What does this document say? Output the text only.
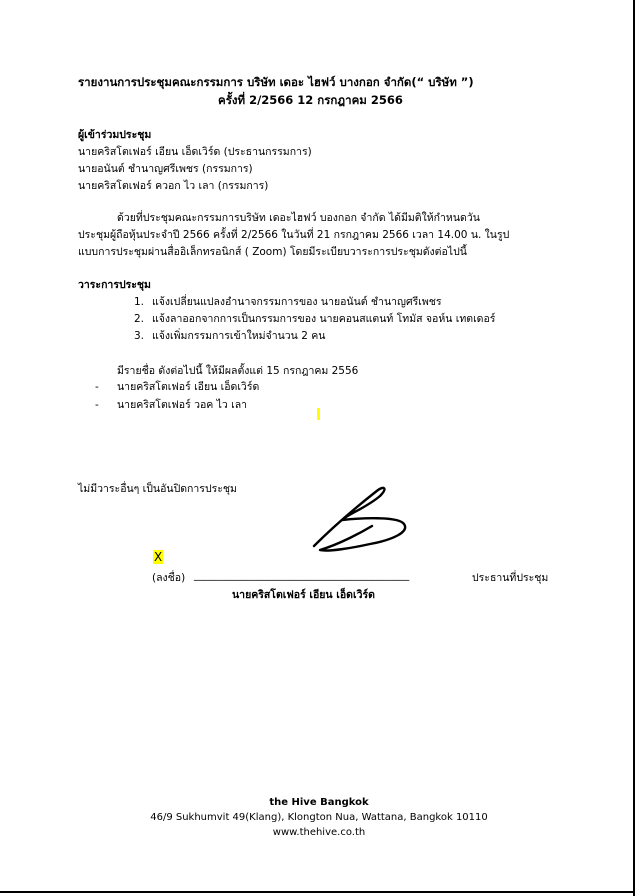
รายงานการประชุมคณะกรรมการ บริษัท เดอะ ไฮฟว์ บางกอก จำกัด(“ บริษัท ”)
ครั้งที่ 2/2566 12 กรกฎาคม 2566
ผู้เข้าร่วมประชุม
นายคริสโตเฟอร์ เอียน เอ็ดเวิร์ด (ประธานกรรมการ)
นายอนันต์ ชำนาญศรีเพชร (กรรมการ)
นายคริสโตเฟอร์ ควอก ไว เลา (กรรมการ)
ด้วยที่ประชุมคณะกรรมการบริษัท เดอะไฮฟว์ บองกอก จำกัด ได้มีมติให้กำหนดวัน
ประชุมผู้ถือหุ้นประจำปี 2566 ครั้งที่ 2/2566 ในวันที่ 21 กรกฎาคม 2566 เวลา 14.00 น. ในรูป
แบบการประชุมผ่านสื่ออิเล็กทรอนิกส์ ( Zoom) โดยมีระเบียบวาระการประชุมดังต่อไปนี้
วาระการประชุม
1. แจ้งเปลี่ยนแปลงอำนาจกรรมการของ นายอนันต์ ชำนาญศรีเพชร
2. แจ้งลาออกจากการเป็นกรรมการของ นายคอนสแตนท์ โทมัส จอห์น เทตเดอร์
3. แจ้งเพิ่มกรรมการเข้าใหม่จำนวน 2 คน
มีรายชื่อ ดังต่อไปนี้ ให้มีผลตั้งแต่ 15 กรกฎาคม 2556
- นายคริสโตเฟอร์ เอียน เอ็ดเวิร์ด
- นายคริสโตเฟอร์ วอค ไว เลา
ไม่มีวาระอื่นๆ เป็นอันปิดการประชุม
X
(ลงชื่อ) _________________________________________	ประธานที่ประชุม
นายคริสโตเฟอร์ เอียน เอ็ดเวิร์ด
the Hive Bangkok
46/9 Sukhumvit 49(Klang), Klongton Nua, Wattana, Bangkok 10110
www.thehive.co.th
